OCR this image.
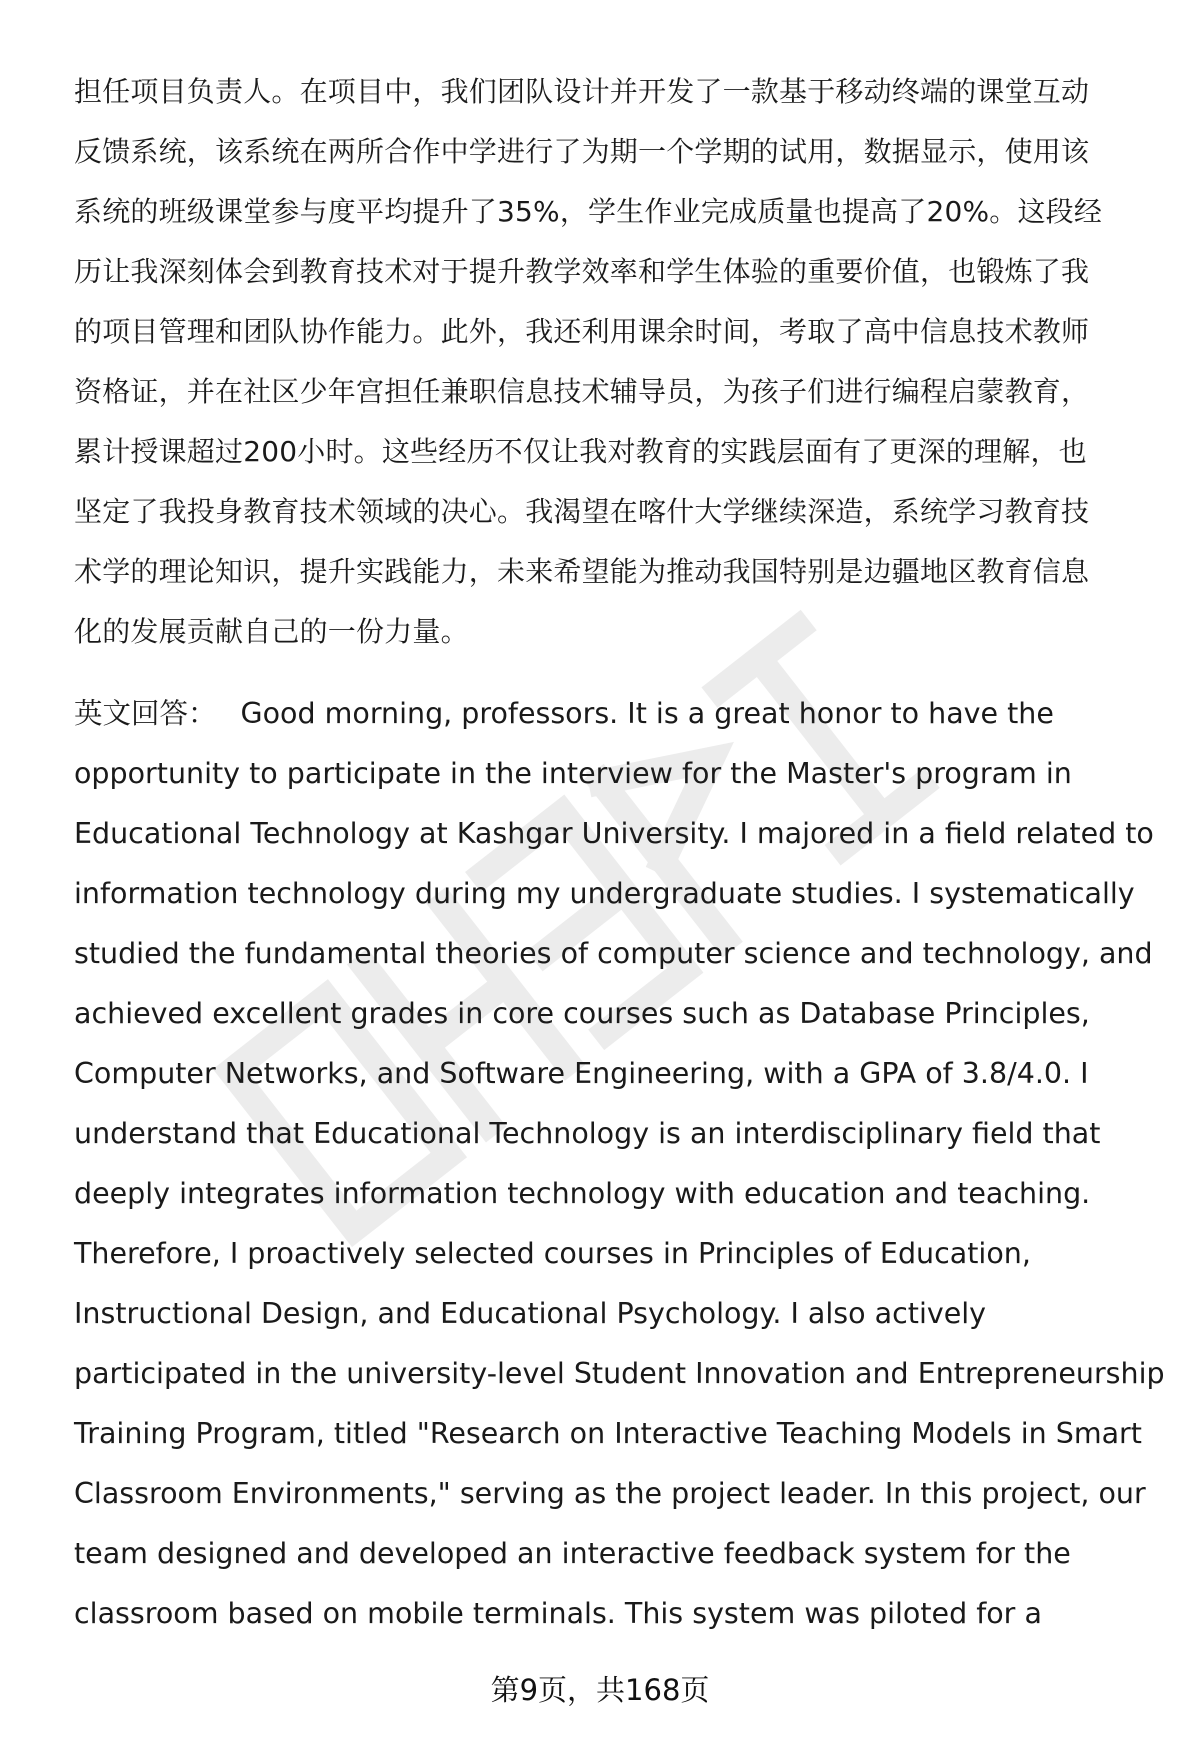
担任项目负责人。在项目中，我们团队设计并开发了一款基于移动终端的课堂互动
反馈系统，该系统在两所合作中学进行了为期一个学期的试用，数据显示，使用该
系统的班级课堂参与度平均提升了35%，学生作业完成质量也提高了20%。这段经
历让我深刻体会到教育技术对于提升教学效率和学生体验的重要价值，也锻炼了我
的项目管理和团队协作能力。此外，我还利用课余时间，考取了高中信息技术教师
资格证，并在社区少年宫担任兼职信息技术辅导员，为孩子们进行编程启蒙教育，
累计授课超过200小时。这些经历不仅让我对教育的实践层面有了更深的理解，也
坚定了我投身教育技术领域的决心。我渴望在喀什大学继续深造，系统学习教育技
术学的理论知识，提升实践能力，未来希望能为推动我国特别是边疆地区教育信息
化的发展贡献自己的一份力量。
英文回答： Good morning, professors. It is a great honor to have the
opportunity to participate in the interview for the Master's program in
Educational Technology at Kashgar University. I majored in a field related to
information technology during my undergraduate studies. I systematically
studied the fundamental theories of computer science and technology, and
achieved excellent grades in core courses such as Database Principles,
Computer Networks, and Software Engineering, with a GPA of 3.8/4.0. I
understand that Educational Technology is an interdisciplinary field that
deeply integrates information technology with education and teaching.
Therefore, I proactively selected courses in Principles of Education,
Instructional Design, and Educational Psychology. I also actively
participated in the university-level Student Innovation and Entrepreneurship
Training Program, titled "Research on Interactive Teaching Models in Smart
Classroom Environments," serving as the project leader. In this project, our
team designed and developed an interactive feedback system for the
classroom based on mobile terminals. This system was piloted for a
第9页，共168页
